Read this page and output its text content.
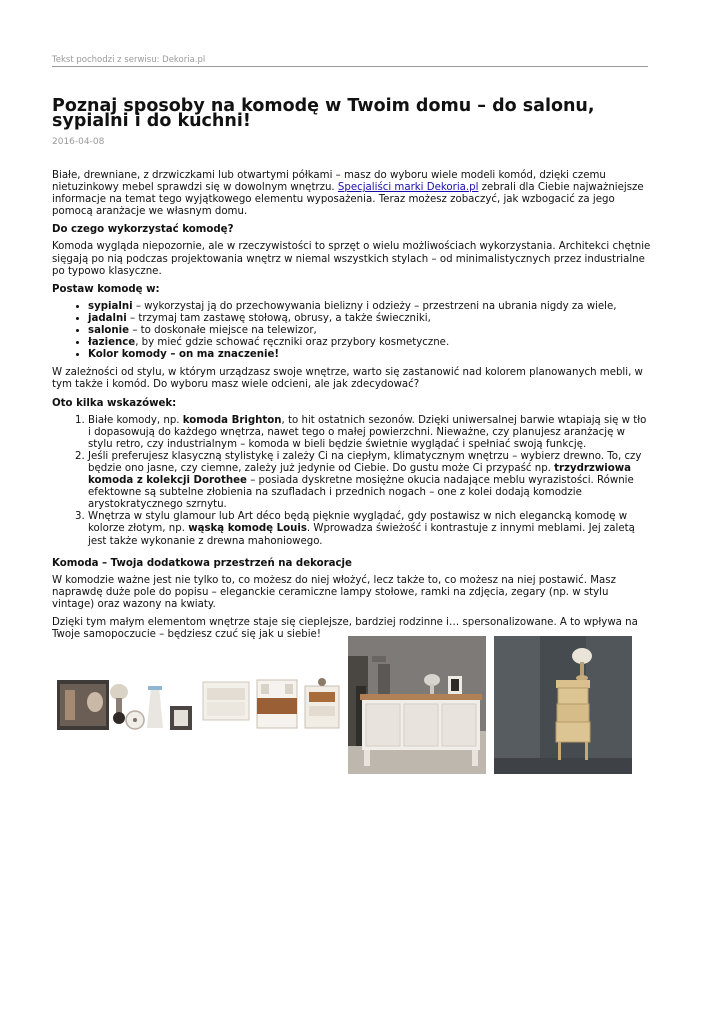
Tekst pochodzi z serwisu: Dekoria.pl
Poznaj sposoby na komodę w Twoim domu – do salonu, sypialni i do kuchni!
2016-04-08

Białe, drewniane, z drzwiczkami lub otwartymi półkami – masz do wyboru wiele modeli komód, dzięki czemu nietuzinkowy mebel sprawdzi się w dowolnym wnętrzu. Specjaliści marki Dekoria.pl zebrali dla Ciebie najważniejsze informacje na temat tego wyjątkowego elementu wyposażenia. Teraz możesz zobaczyć, jak wzbogacić za jego pomocą aranżacje we własnym domu.

Do czego wykorzystać komodę?

Komoda wygląda niepozornie, ale w rzeczywistości to sprzęt o wielu możliwościach wykorzystania. Architekci chętnie sięgają po nią podczas projektowania wnętrz w niemal wszystkich stylach – od minimalistycznych przez industrialne po typowo klasyczne.

Postaw komodę w:
• sypialni – wykorzystaj ją do przechowywania bielizny i odzieży – przestrzeni na ubrania nigdy za wiele,
• jadalni – trzymaj tam zastawę stołową, obrusy, a także świeczniki,
• salonie – to doskonałe miejsce na telewizor,
• łazience, by mieć gdzie schować ręczniki oraz przybory kosmetyczne.
• Kolor komody – on ma znaczenie!

W zależności od stylu, w którym urządzasz swoje wnętrze, warto się zastanowić nad kolorem planowanych mebli, w tym także i komód. Do wyboru masz wiele odcieni, ale jak zdecydować?

Oto kilka wskazówek:
1. Białe komody, np. komoda Brighton, to hit ostatnich sezonów. Dzięki uniwersalnej barwie wtapiają się w tło i dopasowują do każdego wnętrza, nawet tego o małej powierzchni. Nieważne, czy planujesz aranżację w stylu retro, czy industrialnym – komoda w bieli będzie świetnie wyglądać i spełniać swoją funkcję.
2. Jeśli preferujesz klasyczną stylistykę i zależy Ci na ciepłym, klimatycznym wnętrzu – wybierz drewno. To, czy będzie ono jasne, czy ciemne, zależy już jedynie od Ciebie. Do gustu może Ci przypaść np. trzydrzwiowa komoda z kolekcji Dorothee – posiada dyskretne mosiężne okucia nadające meblu wyrazistości. Równie efektowne są subtelne złobienia na szufladach i przednich nogach – one z kolei dodają komodzie arystokratycznego szrnytu.
3. Wnętrza w stylu glamour lub Art déco będą pięknie wyglądać, gdy postawisz w nich elegancką komodę w kolorze złotym, np. wąską komodę Louis. Wprowadza świeżość i kontrastuje z innymi meblami. Jej zaletą jest także wykonanie z drewna mahoniowego.
Komoda – Twoja dodatkowa przestrzeń na dekoracje

W komodzie ważne jest nie tylko to, co możesz do niej włożyć, lecz także to, co możesz na niej postawić. Masz naprawdę duże pole do popisu – eleganckie ceramiczne lampy stołowe, ramki na zdjęcia, zegary (np. w stylu vintage) oraz wazony na kwiaty.

Dzięki tym małym elementom wnętrze staje się cieplejsze, bardziej rodzinne i… spersonalizowane. A to wpływa na Twoje samopoczucie – będziesz czuć się jak u siebie!
